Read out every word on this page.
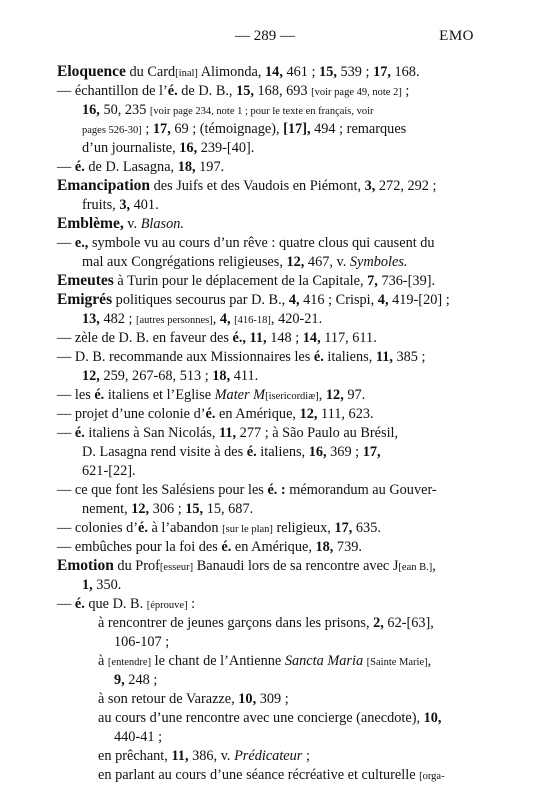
— 289 —	EMO
Eloquence du Card[inal] Alimonda, 14, 461 ; 15, 539 ; 17, 168.
— échantillon de l’é. de D. B., 15, 168, 693 [voir page 49, note 2] ;
16, 50, 235 [voir page 234, note 1 ; pour le texte en français, voir
pages 526-30] ; 17, 69 ; (témoignage), [17], 494 ; remarques
d’un journaliste, 16, 239-[40].
— é. de D. Lasagna, 18, 197.
Emancipation des Juifs et des Vaudois en Piémont, 3, 272, 292 ;
fruits, 3, 401.
Emblème, v. Blason.
— e., symbole vu au cours d’un rêve : quatre clous qui causent du
mal aux Congrégations religieuses, 12, 467, v. Symboles.
Emeutes à Turin pour le déplacement de la Capitale, 7, 736-[39].
Emigrés politiques secourus par D. B., 4, 416 ; Crispi, 4, 419-[20] ;
13, 482 ; [autres personnes], 4, [416-18], 420-21.
— zèle de D. B. en faveur des é., 11, 148 ; 14, 117, 611.
— D. B. recommande aux Missionnaires les é. italiens, 11, 385 ;
12, 259, 267-68, 513 ; 18, 411.
— les é. italiens et l’Eglise Mater M[isericordiæ], 12, 97.
— projet d’une colonie d’é. en Amérique, 12, 111, 623.
— é. italiens à San Nicolás, 11, 277 ; à São Paulo au Brésil,
D. Lasagna rend visite à des é. italiens, 16, 369 ; 17,
621-[22].
— ce que font les Salésiens pour les é. : mémorandum au Gouver-
nement, 12, 306 ; 15, 15, 687.
— colonies d’é. à l’abandon [sur le plan] religieux, 17, 635.
— embûches pour la foi des é. en Amérique, 18, 739.
Emotion du Prof[esseur] Banaudi lors de sa rencontre avec J[ean B.],
1, 350.
— é. que D. B. [éprouve] :
à rencontrer de jeunes garçons dans les prisons, 2, 62-[63],
106-107 ;
à [entendre] le chant de l’Antienne Sancta Maria [Sainte Marie],
9, 248 ;
à son retour de Varazze, 10, 309 ;
au cours d’une rencontre avec une concierge (anecdote), 10,
440-41 ;
en prêchant, 11, 386, v. Prédicateur ;
en parlant au cours d’une séance récréative et culturelle [orga-
